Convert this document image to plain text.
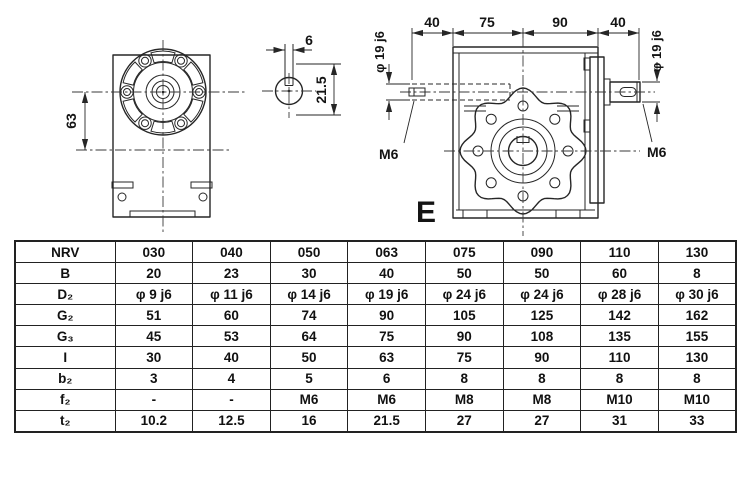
63
6
21.5
40	75	90	40
φ 19 j6	φ 19 j6
M6	M6
E
NRV	030	040	050	063	075	090	110	130
B	20	23	30	40	50	50	60	8
D₂	φ 9 j6	φ 11 j6	φ 14 j6	φ 19 j6	φ 24 j6	φ 24 j6	φ 28 j6	φ 30 j6
G₂	51	60	74	90	105	125	142	162
G₃	45	53	64	75	90	108	135	155
I	30	40	50	63	75	90	110	130
b₂	3	4	5	6	8	8	8	8
f₂	-	-	M6	M6	M8	M8	M10	M10
t₂	10.2	12.5	16	21.5	27	27	31	33
